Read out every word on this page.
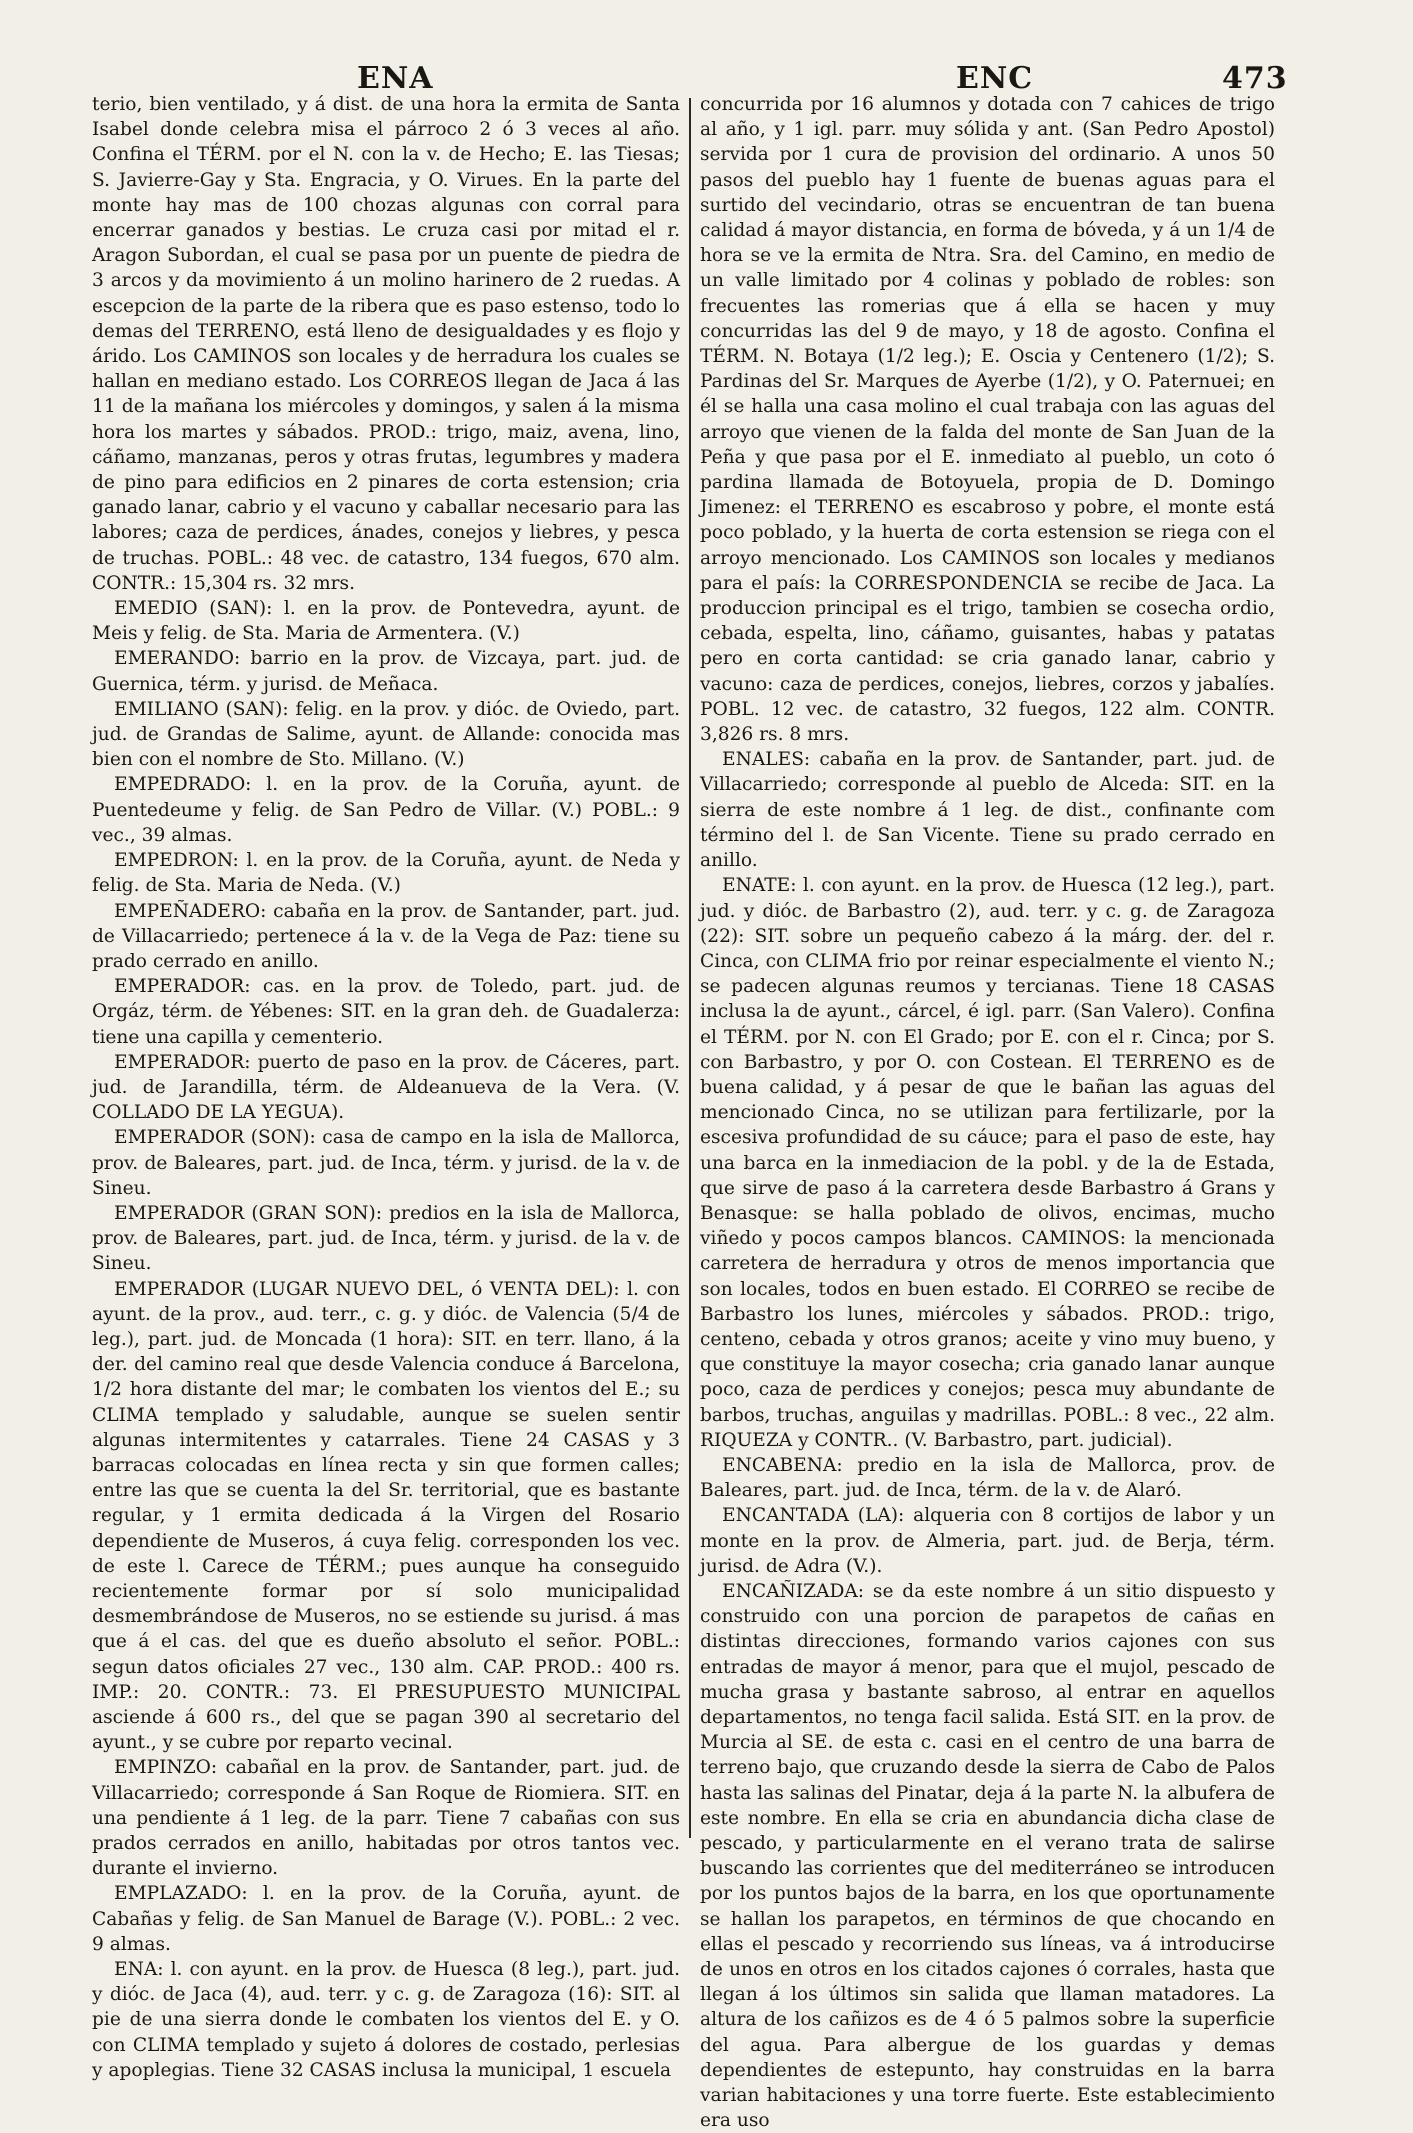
ENA	ENC	473

terio, bien ventilado, y á dist. de una hora la ermita de Santa Isabel donde celebra misa el párroco 2 ó 3 veces al año. Confina el TÉRM. por el N. con la v. de Hecho; E. las Tiesas; S. Javierre-Gay y Sta. Engracia, y O. Virues. En la parte del monte hay mas de 100 chozas algunas con corral para encerrar ganados y bestias. Le cruza casi por mitad el r. Aragon Subordan, el cual se pasa por un puente de piedra de 3 arcos y da movimiento á un molino harinero de 2 ruedas. A escepcion de la parte de la ribera que es paso estenso, todo lo demas del TERRENO, está lleno de desigualdades y es flojo y árido. Los CAMINOS son locales y de herradura los cuales se hallan en mediano estado. Los CORREOS llegan de Jaca á las 11 de la mañana los miércoles y domingos, y salen á la misma hora los martes y sábados. PROD.: trigo, maiz, avena, lino, cáñamo, manzanas, peros y otras frutas, legumbres y madera de pino para edificios en 2 pinares de corta estension; cria ganado lanar, cabrio y el vacuno y caballar necesario para las labores; caza de perdices, ánades, conejos y liebres, y pesca de truchas. POBL.: 48 vec. de catastro, 134 fuegos, 670 alm. CONTR.: 15,304 rs. 32 mrs.

EMEDIO (SAN): l. en la prov. de Pontevedra, ayunt. de Meis y felig. de Sta. Maria de Armentera. (V.)

EMERANDO: barrio en la prov. de Vizcaya, part. jud. de Guernica, térm. y jurisd. de Meñaca.

EMILIANO (SAN): felig. en la prov. y dióc. de Oviedo, part. jud. de Grandas de Salime, ayunt. de Allande: conocida mas bien con el nombre de Sto. Millano. (V.)

EMPEDRADO: l. en la prov. de la Coruña, ayunt. de Puentedeume y felig. de San Pedro de Villar. (V.) POBL.: 9 vec., 39 almas.

EMPEDRON: l. en la prov. de la Coruña, ayunt. de Neda y felig. de Sta. Maria de Neda. (V.)

EMPEÑADERO: cabaña en la prov. de Santander, part. jud. de Villacarriedo; pertenece á la v. de la Vega de Paz: tiene su prado cerrado en anillo.

EMPERADOR: cas. en la prov. de Toledo, part. jud. de Orgáz, térm. de Yébenes: SIT. en la gran deh. de Guadalerza: tiene una capilla y cementerio.

EMPERADOR: puerto de paso en la prov. de Cáceres, part. jud. de Jarandilla, térm. de Aldeanueva de la Vera. (V. COLLADO DE LA YEGUA).

EMPERADOR (SON): casa de campo en la isla de Mallorca, prov. de Baleares, part. jud. de Inca, térm. y jurisd. de la v. de Sineu.

EMPERADOR (GRAN SON): predios en la isla de Mallorca, prov. de Baleares, part. jud. de Inca, térm. y jurisd. de la v. de Sineu.

EMPERADOR (LUGAR NUEVO DEL, ó VENTA DEL): l. con ayunt. de la prov., aud. terr., c. g. y dióc. de Valencia (5/4 de leg.), part. jud. de Moncada (1 hora): SIT. en terr. llano, á la der. del camino real que desde Valencia conduce á Barcelona, 1/2 hora distante del mar; le combaten los vientos del E.; su CLIMA templado y saludable, aunque se suelen sentir algunas intermitentes y catarrales. Tiene 24 CASAS y 3 barracas colocadas en línea recta y sin que formen calles; entre las que se cuenta la del Sr. territorial, que es bastante regular, y 1 ermita dedicada á la Virgen del Rosario dependiente de Museros, á cuya felig. corresponden los vec. de este l. Carece de TÉRM.; pues aunque ha conseguido recientemente formar por sí solo municipalidad desmembrándose de Museros, no se estiende su jurisd. á mas que á el cas. del que es dueño absoluto el señor. POBL.: segun datos oficiales 27 vec., 130 alm. CAP. PROD.: 400 rs. IMP.: 20. CONTR.: 73. El PRESUPUESTO MUNICIPAL asciende á 600 rs., del que se pagan 390 al secretario del ayunt., y se cubre por reparto vecinal.

EMPINZO: cabañal en la prov. de Santander, part. jud. de Villacarriedo; corresponde á San Roque de Riomiera. SIT. en una pendiente á 1 leg. de la parr. Tiene 7 cabañas con sus prados cerrados en anillo, habitadas por otros tantos vec. durante el invierno.

EMPLAZADO: l. en la prov. de la Coruña, ayunt. de Cabañas y felig. de San Manuel de Barage (V.). POBL.: 2 vec. 9 almas.

ENA: l. con ayunt. en la prov. de Huesca (8 leg.), part. jud. y dióc. de Jaca (4), aud. terr. y c. g. de Zaragoza (16): SIT. al pie de una sierra donde le combaten los vientos del E. y O. con CLIMA templado y sujeto á dolores de costado, perlesias y apoplegias. Tiene 32 CASAS inclusa la municipal, 1 escuela

concurrida por 16 alumnos y dotada con 7 cahices de trigo al año, y 1 igl. parr. muy sólida y ant. (San Pedro Apostol) servida por 1 cura de provision del ordinario. A unos 50 pasos del pueblo hay 1 fuente de buenas aguas para el surtido del vecindario, otras se encuentran de tan buena calidad á mayor distancia, en forma de bóveda, y á un 1/4 de hora se ve la ermita de Ntra. Sra. del Camino, en medio de un valle limitado por 4 colinas y poblado de robles: son frecuentes las romerias que á ella se hacen y muy concurridas las del 9 de mayo, y 18 de agosto. Confina el TÉRM. N. Botaya (1/2 leg.); E. Oscia y Centenero (1/2); S. Pardinas del Sr. Marques de Ayerbe (1/2), y O. Paternuei; en él se halla una casa molino el cual trabaja con las aguas del arroyo que vienen de la falda del monte de San Juan de la Peña y que pasa por el E. inmediato al pueblo, un coto ó pardina llamada de Botoyuela, propia de D. Domingo Jimenez: el TERRENO es escabroso y pobre, el monte está poco poblado, y la huerta de corta estension se riega con el arroyo mencionado. Los CAMINOS son locales y medianos para el país: la CORRESPONDENCIA se recibe de Jaca. La produccion principal es el trigo, tambien se cosecha ordio, cebada, espelta, lino, cáñamo, guisantes, habas y patatas pero en corta cantidad: se cria ganado lanar, cabrio y vacuno: caza de perdices, conejos, liebres, corzos y jabalíes. POBL. 12 vec. de catastro, 32 fuegos, 122 alm. CONTR. 3,826 rs. 8 mrs.

ENALES: cabaña en la prov. de Santander, part. jud. de Villacarriedo; corresponde al pueblo de Alceda: SIT. en la sierra de este nombre á 1 leg. de dist., confinante com término del l. de San Vicente. Tiene su prado cerrado en anillo.

ENATE: l. con ayunt. en la prov. de Huesca (12 leg.), part. jud. y dióc. de Barbastro (2), aud. terr. y c. g. de Zaragoza (22): SIT. sobre un pequeño cabezo á la márg. der. del r. Cinca, con CLIMA frio por reinar especialmente el viento N.; se padecen algunas reumos y tercianas. Tiene 18 CASAS inclusa la de ayunt., cárcel, é igl. parr. (San Valero). Confina el TÉRM. por N. con El Grado; por E. con el r. Cinca; por S. con Barbastro, y por O. con Costean. El TERRENO es de buena calidad, y á pesar de que le bañan las aguas del mencionado Cinca, no se utilizan para fertilizarle, por la escesiva profundidad de su cáuce; para el paso de este, hay una barca en la inmediacion de la pobl. y de la de Estada, que sirve de paso á la carretera desde Barbastro á Grans y Benasque: se halla poblado de olivos, encimas, mucho viñedo y pocos campos blancos. CAMINOS: la mencionada carretera de herradura y otros de menos importancia que son locales, todos en buen estado. El CORREO se recibe de Barbastro los lunes, miércoles y sábados. PROD.: trigo, centeno, cebada y otros granos; aceite y vino muy bueno, y que constituye la mayor cosecha; cria ganado lanar aunque poco, caza de perdices y conejos; pesca muy abundante de barbos, truchas, anguilas y madrillas. POBL.: 8 vec., 22 alm. RIQUEZA y CONTR.. (V. Barbastro, part. judicial).

ENCABENA: predio en la isla de Mallorca, prov. de Baleares, part. jud. de Inca, térm. de la v. de Alaró.

ENCANTADA (LA): alqueria con 8 cortijos de labor y un monte en la prov. de Almeria, part. jud. de Berja, térm. jurisd. de Adra (V.).

ENCAÑIZADA: se da este nombre á un sitio dispuesto y construido con una porcion de parapetos de cañas en distintas direcciones, formando varios cajones con sus entradas de mayor á menor, para que el mujol, pescado de mucha grasa y bastante sabroso, al entrar en aquellos departamentos, no tenga facil salida. Está SIT. en la prov. de Murcia al SE. de esta c. casi en el centro de una barra de terreno bajo, que cruzando desde la sierra de Cabo de Palos hasta las salinas del Pinatar, deja á la parte N. la albufera de este nombre. En ella se cria en abundancia dicha clase de pescado, y particularmente en el verano trata de salirse buscando las corrientes que del mediterráneo se introducen por los puntos bajos de la barra, en los que oportunamente se hallan los parapetos, en términos de que chocando en ellas el pescado y recorriendo sus líneas, va á introducirse de unos en otros en los citados cajones ó corrales, hasta que llegan á los últimos sin salida que llaman matadores. La altura de los cañizos es de 4 ó 5 palmos sobre la superficie del agua. Para albergue de los guardas y demas dependientes de estepunto, hay construidas en la barra varian habitaciones y una torre fuerte. Este establecimiento era uso
